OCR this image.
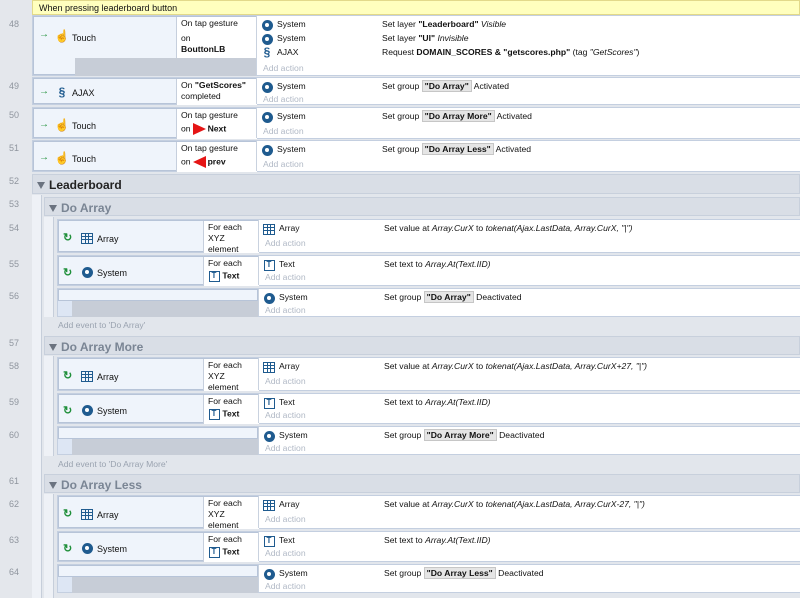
48
49
50
51
52
53
54
55
56
57
58
59
60
61
62
63
64
When pressing leaderboard button
→ ☝ Touch
On tap gesture
on
BouttonLB
System	Set layer "Leaderboard" Visible
System	Set layer "UI" Invisible
§ AJAX	Request DOMAIN_SCORES & "getscores.php" (tag "GetScores")
Add action
→ § AJAX
On "GetScores"
completed
System	Set group "Do Array" Activated
Add action
→ ☝ Touch
On tap gesture
on Next
System	Set group "Do Array More" Activated
Add action
→ ☝ Touch
On tap gesture
on prev
System	Set group "Do Array Less" Activated
Add action
Leaderboard
Do Array
↻	Array
For each
XYZ
element
Array	Set value at Array.CurX to tokenat(Ajax.LastData, Array.CurX, "|")
Add action
↻	System
For each
T Text
T Text	Set text to Array.At(Text.IID)
Add action
System	Set group "Do Array" Deactivated
Add action
Add event to 'Do Array'
Do Array More
↻	Array
For each
XYZ
element
Array	Set value at Array.CurX to tokenat(Ajax.LastData, Array.CurX+27, "|")
Add action
↻	System
For each
T Text
T Text	Set text to Array.At(Text.IID)
Add action
System	Set group "Do Array More" Deactivated
Add action
Add event to 'Do Array More'
Do Array Less
↻	Array
For each
XYZ
element
Array	Set value at Array.CurX to tokenat(Ajax.LastData, Array.CurX-27, "|")
Add action
↻	System
For each
T Text
T Text	Set text to Array.At(Text.IID)
Add action
System	Set group "Do Array Less" Deactivated
Add action
